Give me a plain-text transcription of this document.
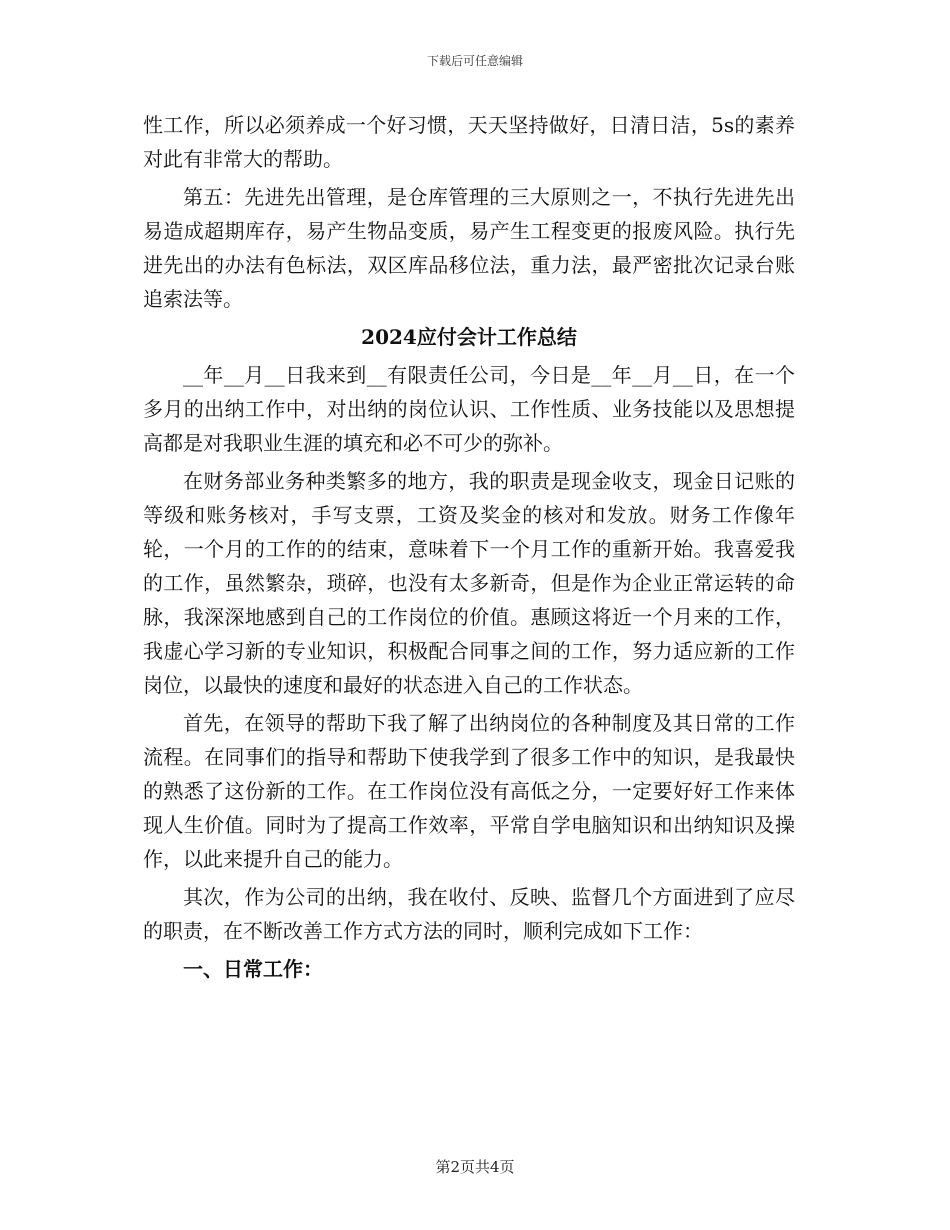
下载后可任意编辑

性工作，所以必须养成一个好习惯，天天坚持做好，日清日洁，5s的素养对此有非常大的帮助。

第五：先进先出管理，是仓库管理的三大原则之一，不执行先进先出易造成超期库存，易产生物品变质，易产生工程变更的报废风险。执行先进先出的办法有色标法，双区库品移位法，重力法，最严密批次记录台账追索法等。

2024应付会计工作总结

__年__月__日我来到__有限责任公司，今日是__年__月__日，在一个多月的出纳工作中，对出纳的岗位认识、工作性质、业务技能以及思想提高都是对我职业生涯的填充和必不可少的弥补。

在财务部业务种类繁多的地方，我的职责是现金收支，现金日记账的等级和账务核对，手写支票，工资及奖金的核对和发放。财务工作像年轮，一个月的工作的的结束，意味着下一个月工作的重新开始。我喜爱我的工作，虽然繁杂，琐碎，也没有太多新奇，但是作为企业正常运转的命脉，我深深地感到自己的工作岗位的价值。惠顾这将近一个月来的工作，我虚心学习新的专业知识，积极配合同事之间的工作，努力适应新的工作岗位，以最快的速度和最好的状态进入自己的工作状态。

首先，在领导的帮助下我了解了出纳岗位的各种制度及其日常的工作流程。在同事们的指导和帮助下使我学到了很多工作中的知识，是我最快的熟悉了这份新的工作。在工作岗位没有高低之分，一定要好好工作来体现人生价值。同时为了提高工作效率，平常自学电脑知识和出纳知识及操作，以此来提升自己的能力。

其次，作为公司的出纳，我在收付、反映、监督几个方面进到了应尽的职责，在不断改善工作方式方法的同时，顺利完成如下工作：

一、日常工作：

第2页共4页
